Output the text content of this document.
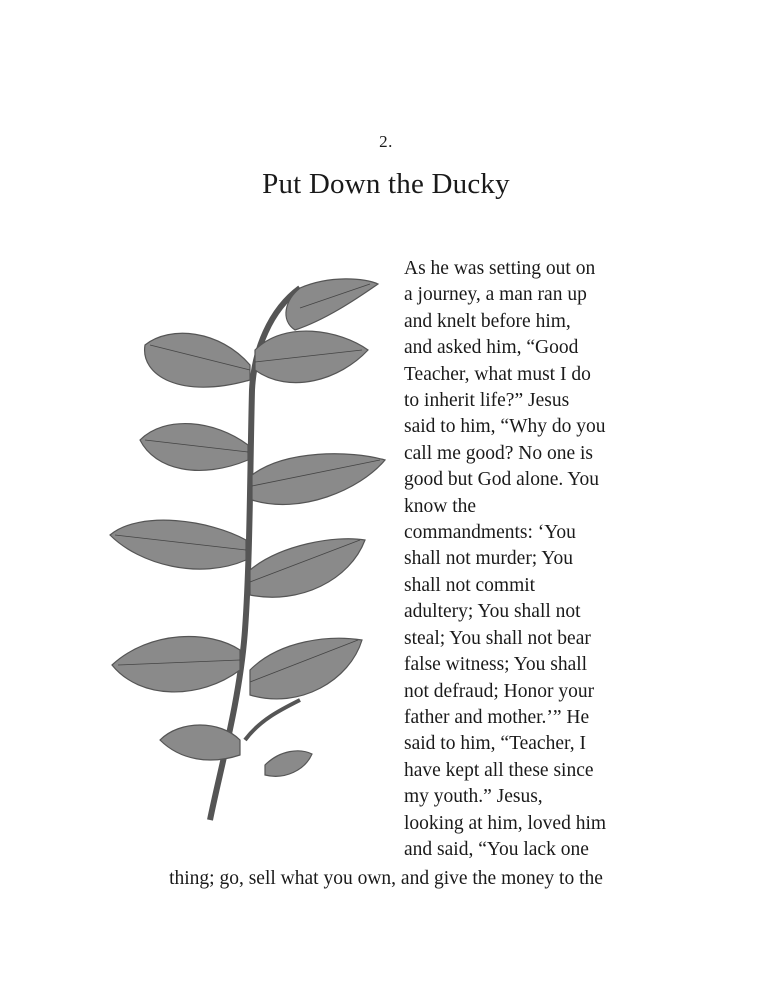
2.
Put Down the Ducky

As he was setting out on
a journey, a man ran up
and knelt before him,
and asked him, “Good
Teacher, what must I do
to inherit life?” Jesus
said to him, “Why do you
call me good? No one is
good but God alone. You
know the
commandments: ‘You
shall not murder; You
shall not commit
adultery; You shall not
steal; You shall not bear
false witness; You shall
not defraud; Honor your
father and mother.’” He
said to him, “Teacher, I
have kept all these since
my youth.” Jesus,
looking at him, loved him
and said, “You lack one

thing; go, sell what you own, and give the money to the
